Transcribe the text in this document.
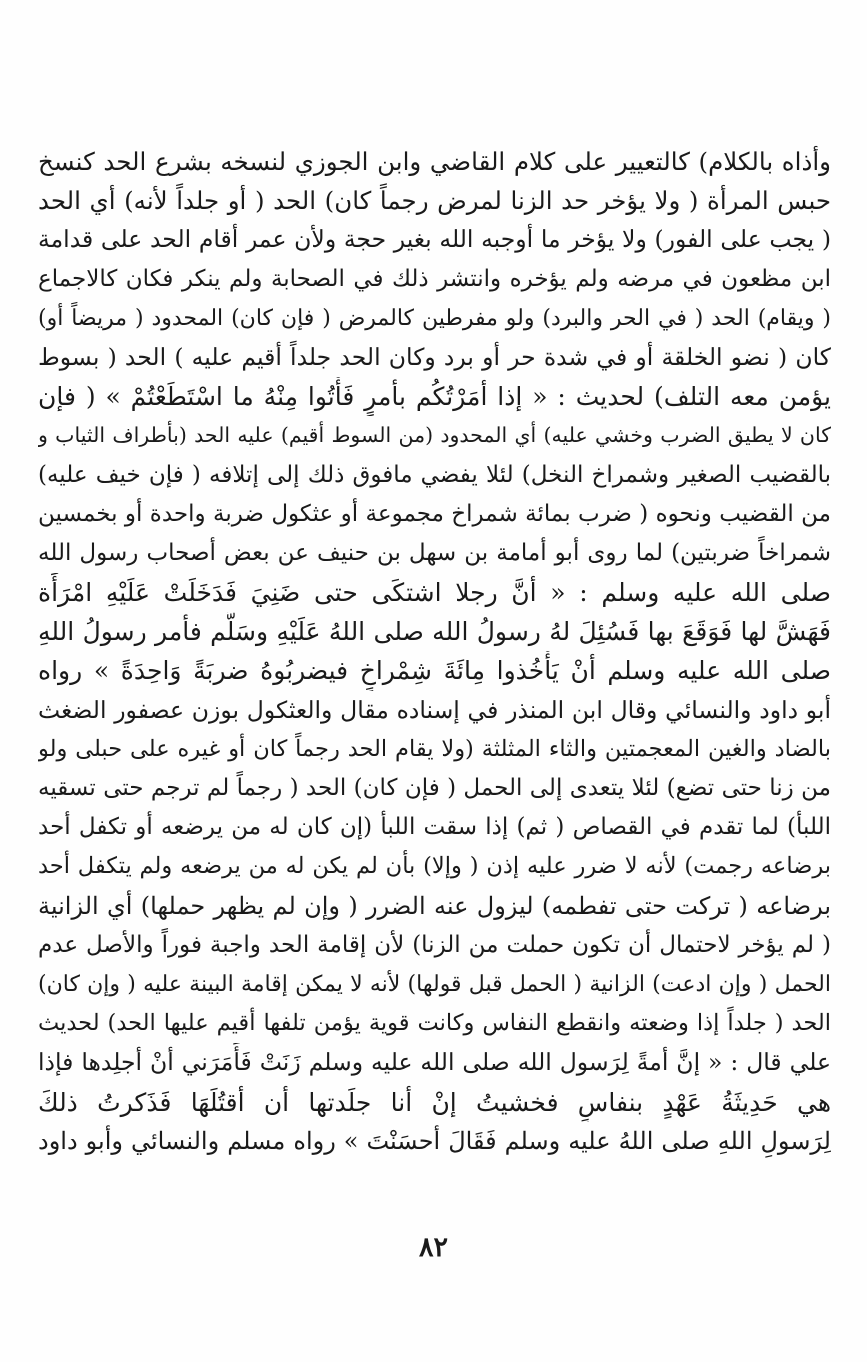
وأذاه بالكلام) كالتعيير على كلام القاضي وابن الجوزي لنسخه بشرع الحد كنسخ
حبس المرأة ( ولا يؤخر حد الزنا لمرض رجماً كان) الحد ( أو جلداً لأنه) أي الحد
( يجب على الفور) ولا يؤخر ما أوجبه الله بغير حجة ولأن عمر أقام الحد على قدامة
ابن مظعون في مرضه ولم يؤخره وانتشر ذلك في الصحابة ولم ينكر فكان كالاجماع
( ويقام) الحد ( في الحر والبرد) ولو مفرطين كالمرض ( فإن كان) المحدود ( مريضاً أو)
كان ( نضو الخلقة أو في شدة حر أو برد وكان الحد جلداً أقيم عليه ) الحد ( بسوط
يؤمن معه التلف) لحديث : « إذا أمَرْتُكُم بأمرٍ فَأْتُوا مِنْهُ ما اسْتَطَعْتُمْ » ( فإن
كان لا يطيق الضرب وخشي عليه) أي المحدود (من السوط أقيم) عليه الحد (بأطراف الثياب و
بالقضيب الصغير وشمراخ النخل) لئلا يفضي مافوق ذلك إلى إتلافه ( فإن خيف عليه)
من القضيب ونحوه ( ضرب بمائة شمراخ مجموعة أو عثكول ضربة واحدة أو بخمسين
شمراخاً ضربتين) لما روى أبو أمامة بن سهل بن حنيف عن بعض أصحاب رسول الله
صلى الله عليه وسلم : « أنَّ رجلا اشتكَى حتى ضَنِيَ فَدَخَلَتْ عَلَيْهِ امْرَأَة
فَهَشَّ لها فَوَقَعَ بها فَسُئِلَ لهُ رسولُ الله صلى اللهُ عَلَيْهِ وسَلَّم فأمر رسولُ اللهِ
صلى الله عليه وسلم أنْ يَأْخُذوا مِائَةَ شِمْراخٍ فيضربُوهُ ضربَةً وَاحِدَةً » رواه
أبو داود والنسائي وقال ابن المنذر في إسناده مقال والعثكول بوزن عصفور الضغث
بالضاد والغين المعجمتين والثاء المثلثة (ولا يقام الحد رجماً كان أو غيره على حبلى ولو
من زنا حتى تضع) لئلا يتعدى إلى الحمل ( فإن كان) الحد ( رجماً لم ترجم حتى تسقيه
اللبأ) لما تقدم في القصاص ( ثم) إذا سقت اللبأ (إن كان له من يرضعه أو تكفل أحد
برضاعه رجمت) لأنه لا ضرر عليه إذن ( وإلا) بأن لم يكن له من يرضعه ولم يتكفل أحد
برضاعه ( تركت حتى تفطمه) ليزول عنه الضرر ( وإن لم يظهر حملها) أي الزانية
( لم يؤخر لاحتمال أن تكون حملت من الزنا) لأن إقامة الحد واجبة فوراً والأصل عدم
الحمل ( وإن ادعت) الزانية ( الحمل قبل قولها) لأنه لا يمكن إقامة البينة عليه ( وإن كان)
الحد ( جلداً إذا وضعته وانقطع النفاس وكانت قوية يؤمن تلفها أقيم عليها الحد) لحديث
علي قال : « إنَّ أمةً لِرَسول الله صلى الله عليه وسلم زَنَتْ فَأَمَرَني أنْ أجلِدها فإذا
هي حَدِيثَةُ عَهْدٍ بنفاسٍ فخشيتُ إنْ أنا جلَدتها أن أقتُلَهَا فَذَكرتُ ذلكَ
لِرَسولِ اللهِ صلى اللهُ عليه وسلم فَقَالَ أحسَنْتَ » رواه مسلم والنسائي وأبو داود
٨٢
